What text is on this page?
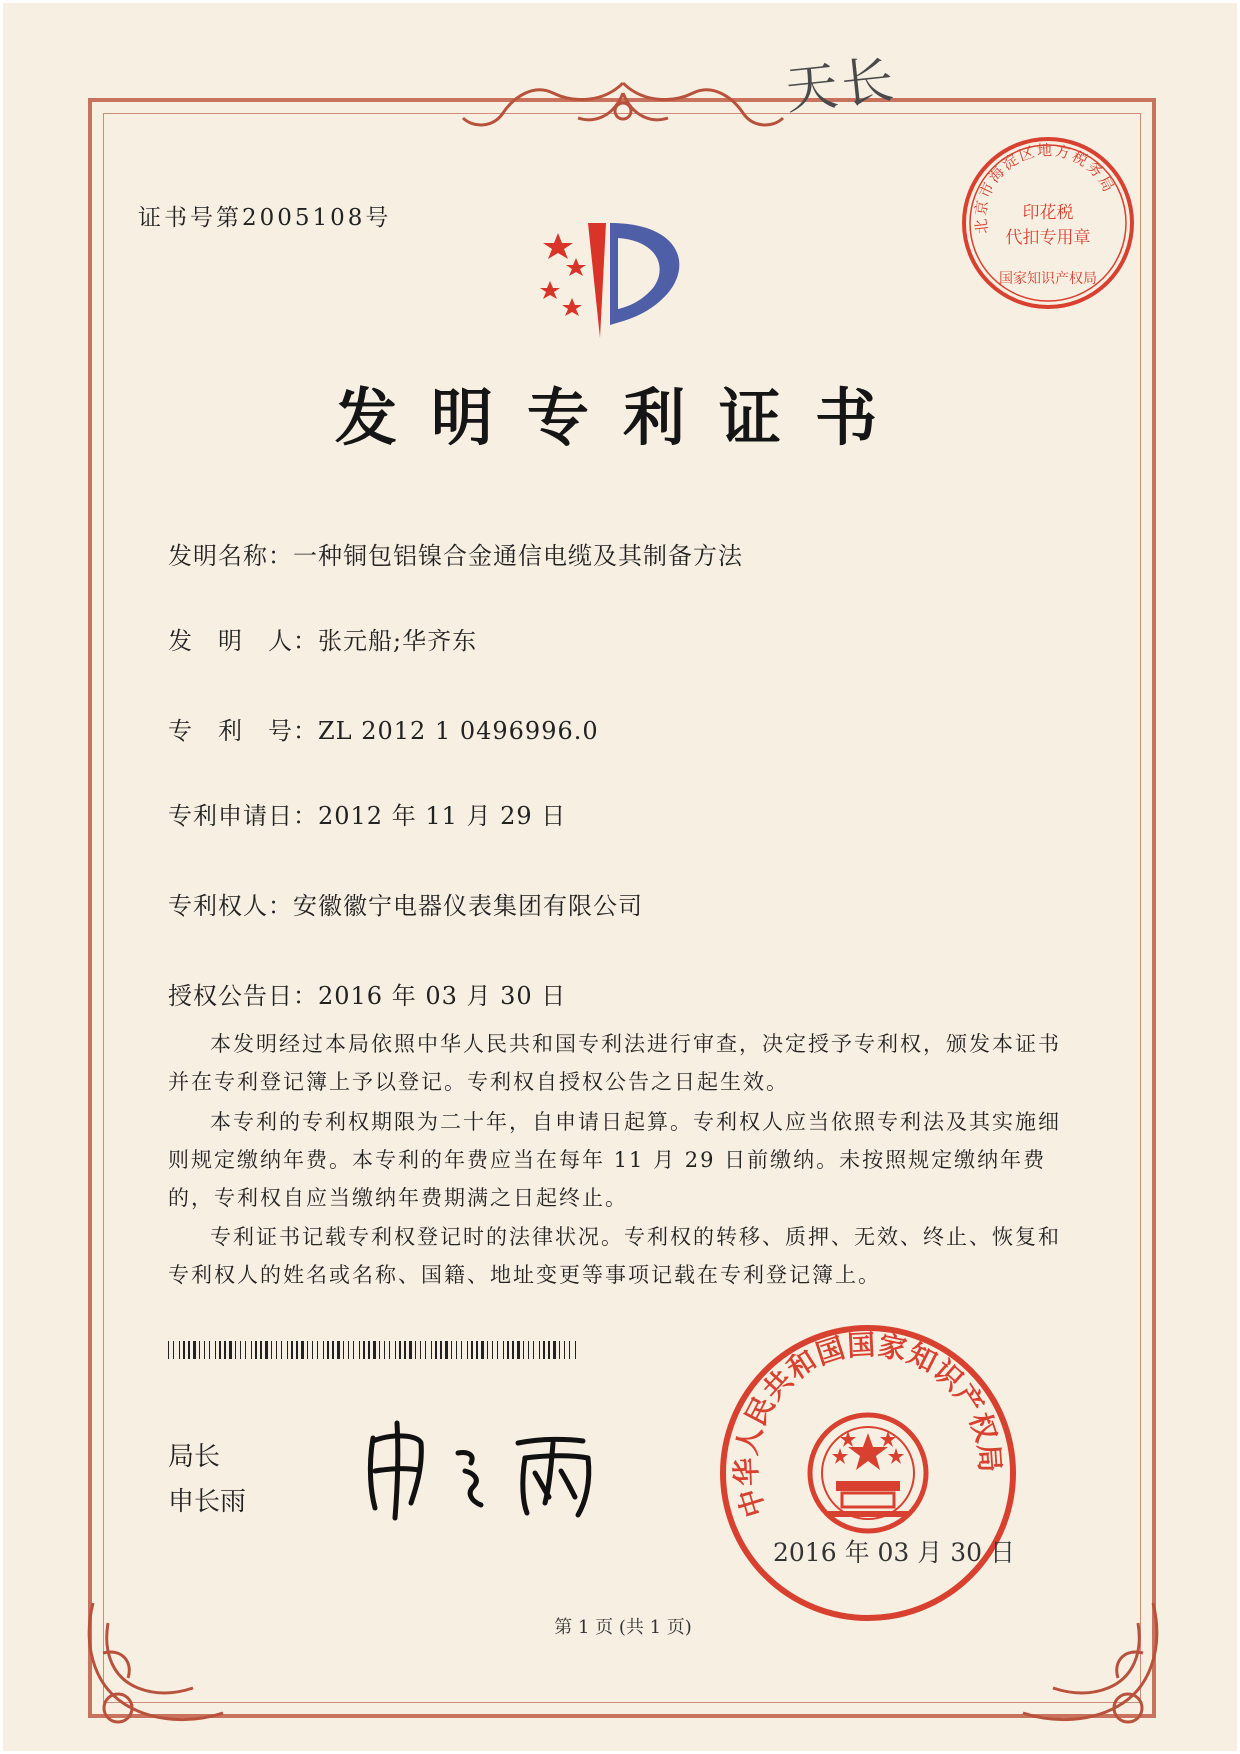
天长
北京市海淀区地方税务局
印花税
代扣专用章
国家知识产权局
证书号第2005108号
发明专利证书
发明名称：一种铜包铝镍合金通信电缆及其制备方法
发　明　人：张元船;华齐东
专　利　号：ZL 2012 1 0496996.0
专利申请日：2012 年 11 月 29 日
专利权人：安徽徽宁电器仪表集团有限公司
授权公告日：2016 年 03 月 30 日
本发明经过本局依照中华人民共和国专利法进行审查，决定授予专利权，颁发本证书并在专利登记簿上予以登记。专利权自授权公告之日起生效。
本专利的专利权期限为二十年，自申请日起算。专利权人应当依照专利法及其实施细则规定缴纳年费。本专利的年费应当在每年 11 月 29 日前缴纳。未按照规定缴纳年费的，专利权自应当缴纳年费期满之日起终止。
专利证书记载专利权登记时的法律状况。专利权的转移、质押、无效、终止、恢复和专利权人的姓名或名称、国籍、地址变更等事项记载在专利登记簿上。
局长
申长雨	中华人民共和国国家知识产权局
2016 年 03 月 30 日
第 1 页 (共 1 页)
